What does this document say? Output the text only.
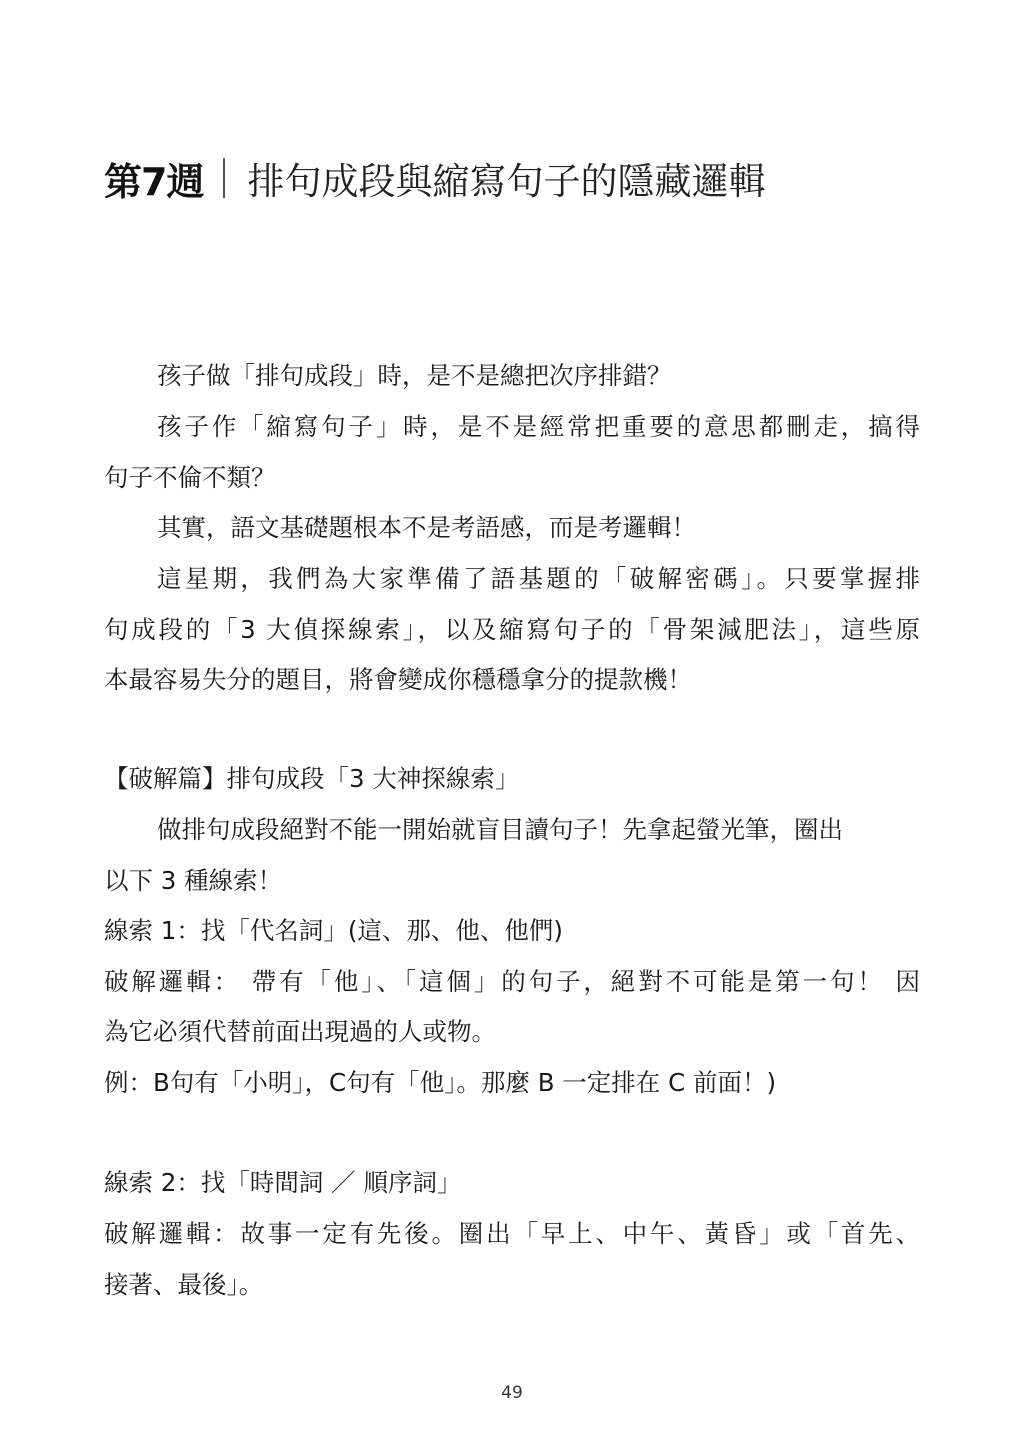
第7週 排句成段與縮寫句子的隱藏邏輯
孩子做「排句成段」時，是不是總把次序排錯？
孩子作「縮寫句子」時，是不是經常把重要的意思都刪走，搞得
句子不倫不類？
其實，語文基礎題根本不是考語感，而是考邏輯！
這星期，我們為大家準備了語基題的「破解密碼」。只要掌握排
句成段的「3 大偵探線索」，以及縮寫句子的「骨架減肥法」，這些原
本最容易失分的題目，將會變成你穩穩拿分的提款機！
【破解篇】排句成段「3 大神探線索」
做排句成段絕對不能一開始就盲目讀句子！先拿起螢光筆，圈出
以下 3 種線索！
線索 1：找「代名詞」(這、那、他、他們)
破解邏輯： 帶有「他」、「這個」的句子，絕對不可能是第一句！ 因
為它必須代替前面出現過的人或物。
例：B句有「小明」，C句有「他」。那麼 B 一定排在 C 前面！)
線索 2：找「時間詞 ／ 順序詞」
破解邏輯：故事一定有先後。圈出「早上、中午、黃昏」或「首先、
接著、最後」。
49
